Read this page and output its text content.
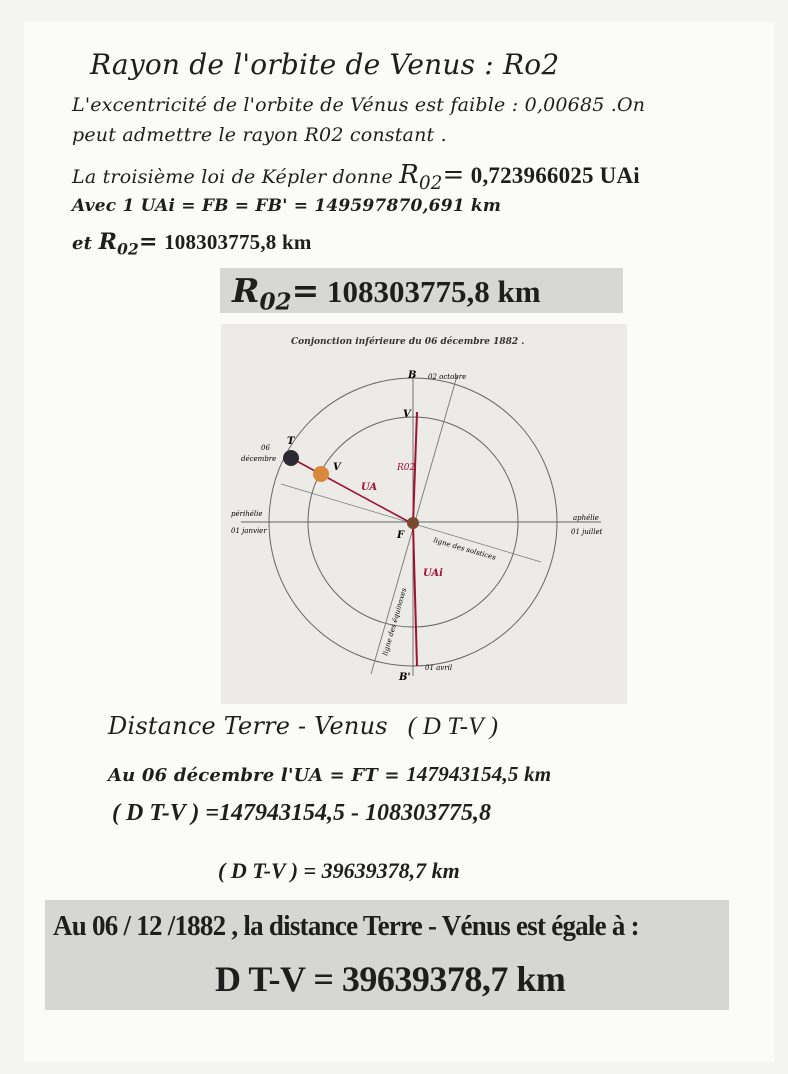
Rayon de l'orbite de Venus : Ro2
L'excentricité de l'orbite de Vénus est faible : 0,00685 .On
peut admettre le rayon R02 constant .
La troisième loi de Képler donne $R_{02}= 0,723966025$ UAi
Avec 1 UAi = FB = FB' = 149597870,691 km
et $R_{02}= 108303775,8$ km
$R_{02}= 108303775,8$ km
Conjonction inférieure du 06 décembre 1882 .
B 02 octobre
V
T
06
décembre
V	R02
UA
périhélie
01 janvier
aphélie
01 juillet
F
ligne des solstices
UAi
ligne des équinoxes
B'
01 avril
Distance Terre - Venus ( D T-V )
Au 06 décembre l'UA = FT = 147943154,5 km
( D T-V ) =147943154,5 - 108303775,8
( D T-V ) = 39639378,7 km
Au 06 / 12 /1882 , la distance Terre - Vénus est égale à :
D T-V = 39639378,7 km
